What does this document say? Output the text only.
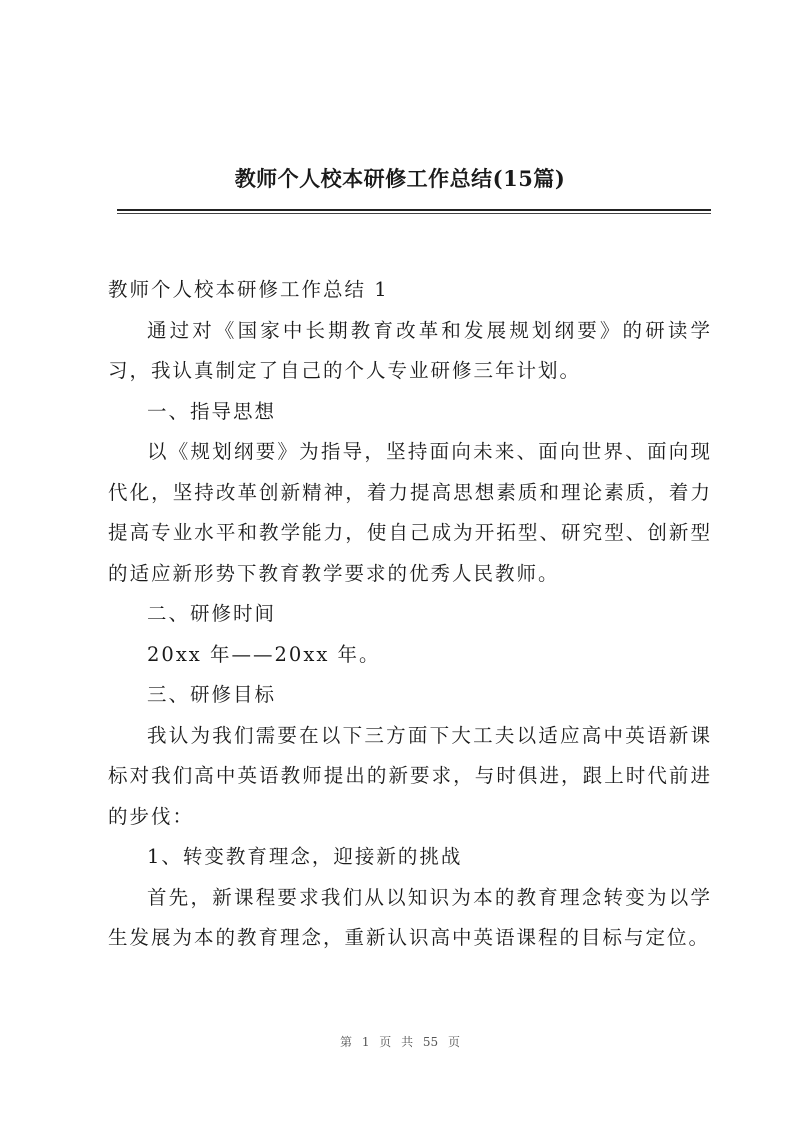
教师个人校本研修工作总结(15篇)

教师个人校本研修工作总结 1

通过对《国家中长期教育改革和发展规划纲要》的研读学习，我认真制定了自己的个人专业研修三年计划。

一、指导思想

以《规划纲要》为指导，坚持面向未来、面向世界、面向现代化，坚持改革创新精神，着力提高思想素质和理论素质，着力提高专业水平和教学能力，使自己成为开拓型、研究型、创新型的适应新形势下教育教学要求的优秀人民教师。

二、研修时间

20xx 年——20xx 年。

三、研修目标

我认为我们需要在以下三方面下大工夫以适应高中英语新课标对我们高中英语教师提出的新要求，与时俱进，跟上时代前进的步伐：

1、转变教育理念，迎接新的挑战

首先，新课程要求我们从以知识为本的教育理念转变为以学生发展为本的教育理念，重新认识高中英语课程的目标与定位。

第 1 页 共 55 页
